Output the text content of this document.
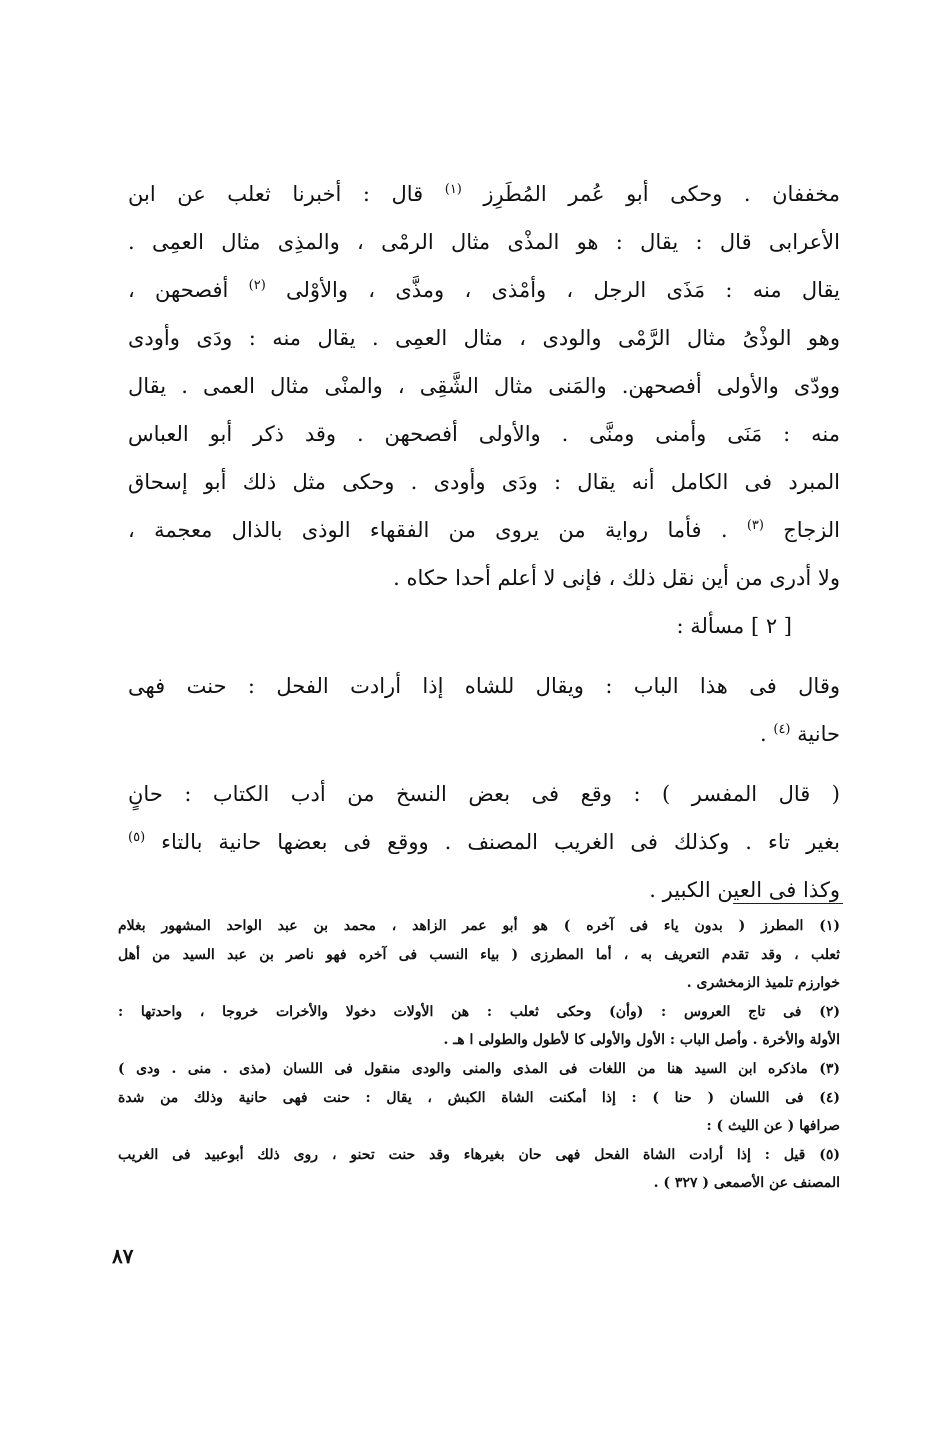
مخففان . وحكى أبو عُمر المُطَرِز $^{(١)}$ قال : أخبرنا ثعلب عن ابن
الأعرابى قال : يقال : هو المذْى مثال الرمْى ، والمذِى مثال العمِى .
يقال منه : مَذَى الرجل ، وأمْذى ، ومذَّى ، والأوْلى $^{(٢)}$ أفصحهن ،
وهو الوذْىُ مثال الرَّمْى والودى ، مثال العمِى . يقال منه : ودَى وأودى
وودّى والأولى أفصحهن. والمَنى مثال الشَّقِى ، والمنْى مثال العمى . يقال
منه : مَنَى وأمنى ومنَّى . والأولى أفصحهن . وقد ذكر أبو العباس
المبرد فى الكامل أنه يقال : ودَى وأودى . وحكى مثل ذلك أبو إسحاق
الزجاج $^{(٣)}$ . فأما رواية من يروى من الفقهاء الوذى بالذال معجمة ،
ولا أدرى من أين نقل ذلك ، فإنى لا أعلم أحدا حكاه .
[ ٢ ] مسألة :
وقال فى هذا الباب : ويقال للشاه إذا أرادت الفحل : حنت فهى
حانية $^{(٤)}$ .
( قال المفسر ) : وقع فى بعض النسخ من أدب الكتاب : حانٍ
بغير تاء . وكذلك فى الغريب المصنف . ووقع فى بعضها حانية بالتاء $^{(٥)}$
وكذا فى العين الكبير .
(١) المطرز ( بدون ياء فى آخره ) هو أبو عمر الزاهد ، محمد بن عبد الواحد المشهور بغلام
ثعلب ، وقد تقدم التعريف به ، أما المطرزى ( بياء النسب فى آخره فهو ناصر بن عبد السيد من أهل
خوارزم تلميذ الزمخشرى .
(٢) فى تاج العروس : (وأن) وحكى ثعلب : هن الأولات دخولا والأخرات خروجا ، واحدتها :
الأولة والأخرة . وأصل الباب : الأول والأولى كا لأطول والطولى ا هـ .
(٣) ماذكره ابن السيد هنا من اللغات فى المذى والمنى والودى منقول فى اللسان (مذى . منى . ودى )
(٤) فى اللسان ( حنا ) : إذا أمكنت الشاة الكبش ، يقال : حنت فهى حانية وذلك من شدة
صرافها ( عن الليث ) :
(٥) قيل : إذا أرادت الشاة الفحل فهى حان بغيرهاء وقد حنت تحنو ، روى ذلك أبوعبيد فى الغريب
المصنف عن الأصمعى ( ٣٢٧ ) .
٨٧
